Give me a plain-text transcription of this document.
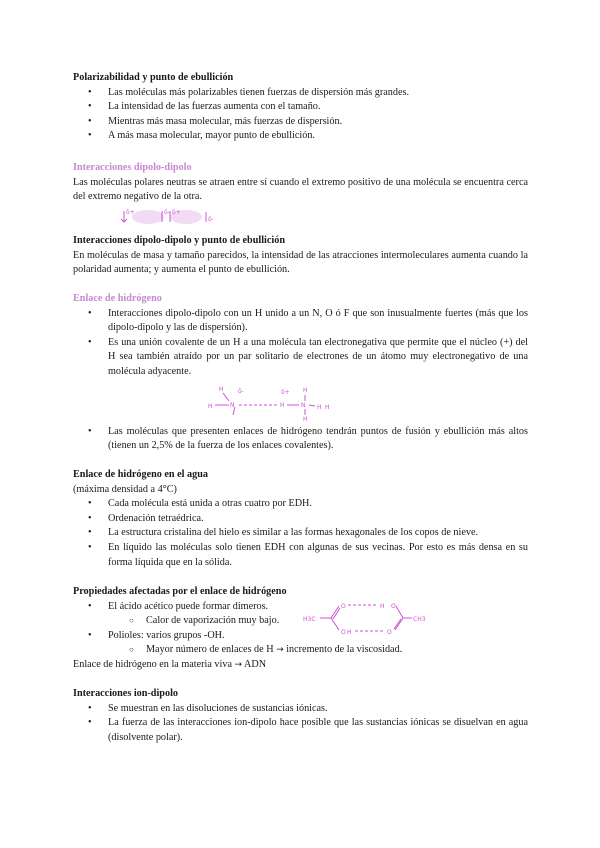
Polarizabilidad y punto de ebullición

• Las moléculas más polarizables tienen fuerzas de dispersión más grandes.
• La intensidad de las fuerzas aumenta con el tamaño.
• Mientras más masa molecular, más fuerzas de dispersión.
• A más masa molecular, mayor punto de ebullición.

Interacciones dipolo-dipolo

Las moléculas polares neutras se atraen entre sí cuando el extremo positivo de una molécula se encuentra cerca del extremo negativo de la otra.

δ+	δ- δ+
δ-

Interacciones dipolo-dipolo y punto de ebullición

En moléculas de masa y tamaño parecidos, la intensidad de las atracciones intermoleculares aumenta cuando la polaridad aumenta; y aumenta el punto de ebullición.

Enlace de hidrógeno

• Interacciones dipolo-dipolo con un H unido a un N, O ó F que son inusualmente fuertes (más que los dipolo-dipolo y las de dispersión).
• Es una unión covalente de un H a una molécula tan electronegativa que permite que el núcleo (+) del H sea también atraído por un par solitario de electrones de un átomo muy electronegativo de una molécula adyacente.
• Las moléculas que presenten enlaces de hidrógeno tendrán puntos de fusión y ebullición más altos (tienen un 2,5% de la fuerza de los enlaces covalentes).
H
H
N
δ-	δ+
H	N
H
H
H H

Enlace de hidrógeno en el agua

(máxima densidad a 4°C)

• Cada molécula está unida a otras cuatro por EDH.
• Ordenación tetraédrica.
• La estructura cristalina del hielo es similar a las formas hexagonales de los copos de nieve.
• En líquido las moléculas solo tienen EDH con algunas de sus vecinas. Por esto es más densa en su forma líquida que en la sólida.

Propiedades afectadas por el enlace de hidrógeno

• El ácido acético puede formar dímeros.
○ Calor de vaporización muy bajo.
• Polioles: varios grupos -OH.
○ Mayor número de enlaces de H → incremento de la viscosidad.

Enlace de hidrógeno en la materia viva → ADN

H3C
O
H
O	O
H O
CH3

Interacciones ion-dipolo

• Se muestran en las disoluciones de sustancias iónicas.
• La fuerza de las interacciones ion-dipolo hace posible que las sustancias iónicas se disuelvan en agua (disolvente polar).
